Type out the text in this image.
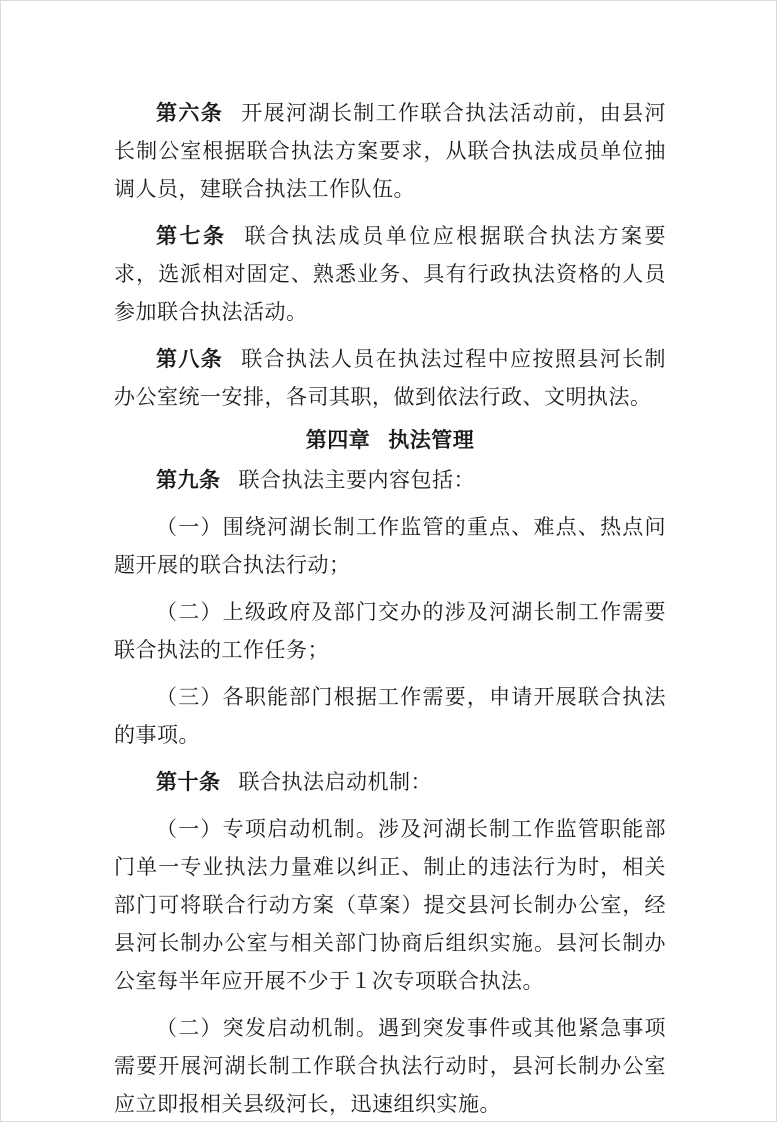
第六条 开展河湖长制工作联合执法活动前，由县河长制公室根据联合执法方案要求，从联合执法成员单位抽调人员，建联合执法工作队伍。

第七条 联合执法成员单位应根据联合执法方案要求，选派相对固定、熟悉业务、具有行政执法资格的人员参加联合执法活动。

第八条 联合执法人员在执法过程中应按照县河长制办公室统一安排，各司其职，做到依法行政、文明执法。

第四章 执法管理

第九条 联合执法主要内容包括：

（一）围绕河湖长制工作监管的重点、难点、热点问题开展的联合执法行动；

（二）上级政府及部门交办的涉及河湖长制工作需要联合执法的工作任务；

（三）各职能部门根据工作需要，申请开展联合执法的事项。

第十条 联合执法启动机制：

（一）专项启动机制。涉及河湖长制工作监管职能部门单一专业执法力量难以纠正、制止的违法行为时，相关部门可将联合行动方案（草案）提交县河长制办公室，经县河长制办公室与相关部门协商后组织实施。县河长制办公室每半年应开展不少于１次专项联合执法。

（二）突发启动机制。遇到突发事件或其他紧急事项需要开展河湖长制工作联合执法行动时，县河长制办公室应立即报相关县级河长，迅速组织实施。
